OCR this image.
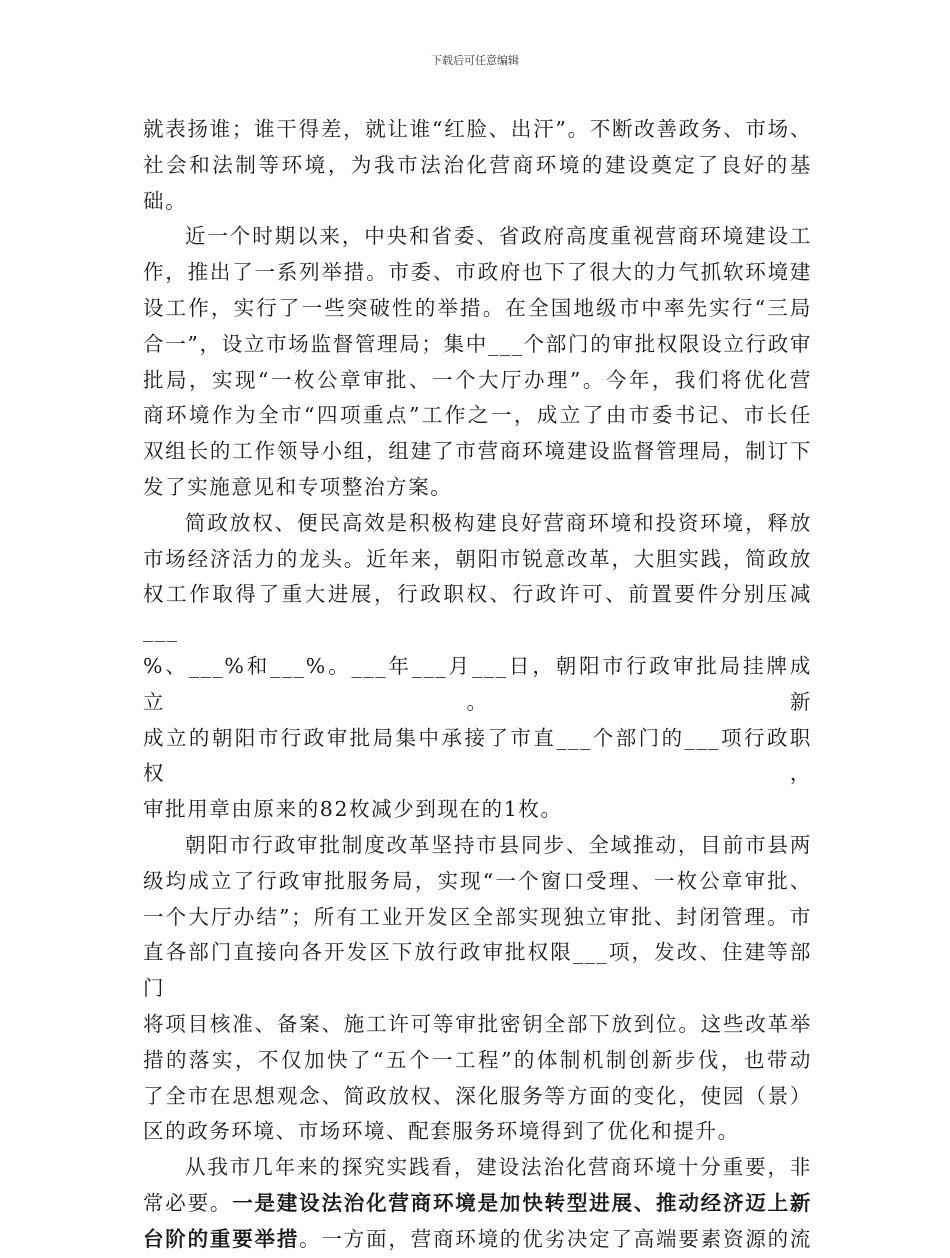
下载后可任意编辑
就表扬谁；谁干得差，就让谁“红脸、出汗”。不断改善政务、市场、
社会和法制等环境，为我市法治化营商环境的建设奠定了良好的基础。
近一个时期以来，中央和省委、省政府高度重视营商环境建设工
作，推出了一系列举措。市委、市政府也下了很大的力气抓软环境建
设工作，实行了一些突破性的举措。在全国地级市中率先实行“三局
合一”，设立市场监督管理局；集中___个部门的审批权限设立行政审
批局，实现“一枚公章审批、一个大厅办理”。今年，我们将优化营
商环境作为全市“四项重点”工作之一，成立了由市委书记、市长任
双组长的工作领导小组，组建了市营商环境建设监督管理局，制订下
发了实施意见和专项整治方案。
简政放权、便民高效是积极构建良好营商环境和投资环境，释放
市场经济活力的龙头。近年来，朝阳市锐意改革，大胆实践，简政放
权工作取得了重大进展，行政职权、行政许可、前置要件分别压减___
%、___%和___%。___年___月___日，朝阳市行政审批局挂牌成立。新
成立的朝阳市行政审批局集中承接了市直___个部门的___项行政职权，
审批用章由原来的82枚减少到现在的1枚。
朝阳市行政审批制度改革坚持市县同步、全域推动，目前市县两
级均成立了行政审批服务局，实现“一个窗口受理、一枚公章审批、
一个大厅办结”；所有工业开发区全部实现独立审批、封闭管理。市
直各部门直接向各开发区下放行政审批权限___项，发改、住建等部门
将项目核准、备案、施工许可等审批密钥全部下放到位。这些改革举
措的落实，不仅加快了“五个一工程”的体制机制创新步伐，也带动
了全市在思想观念、简政放权、深化服务等方面的变化，使园（景）
区的政务环境、市场环境、配套服务环境得到了优化和提升。
从我市几年来的探究实践看，建设法治化营商环境十分重要，非
常必要。一是建设法治化营商环境是加快转型进展、推动经济迈上新
台阶的重要举措。一方面，营商环境的优劣决定了高端要素资源的流
